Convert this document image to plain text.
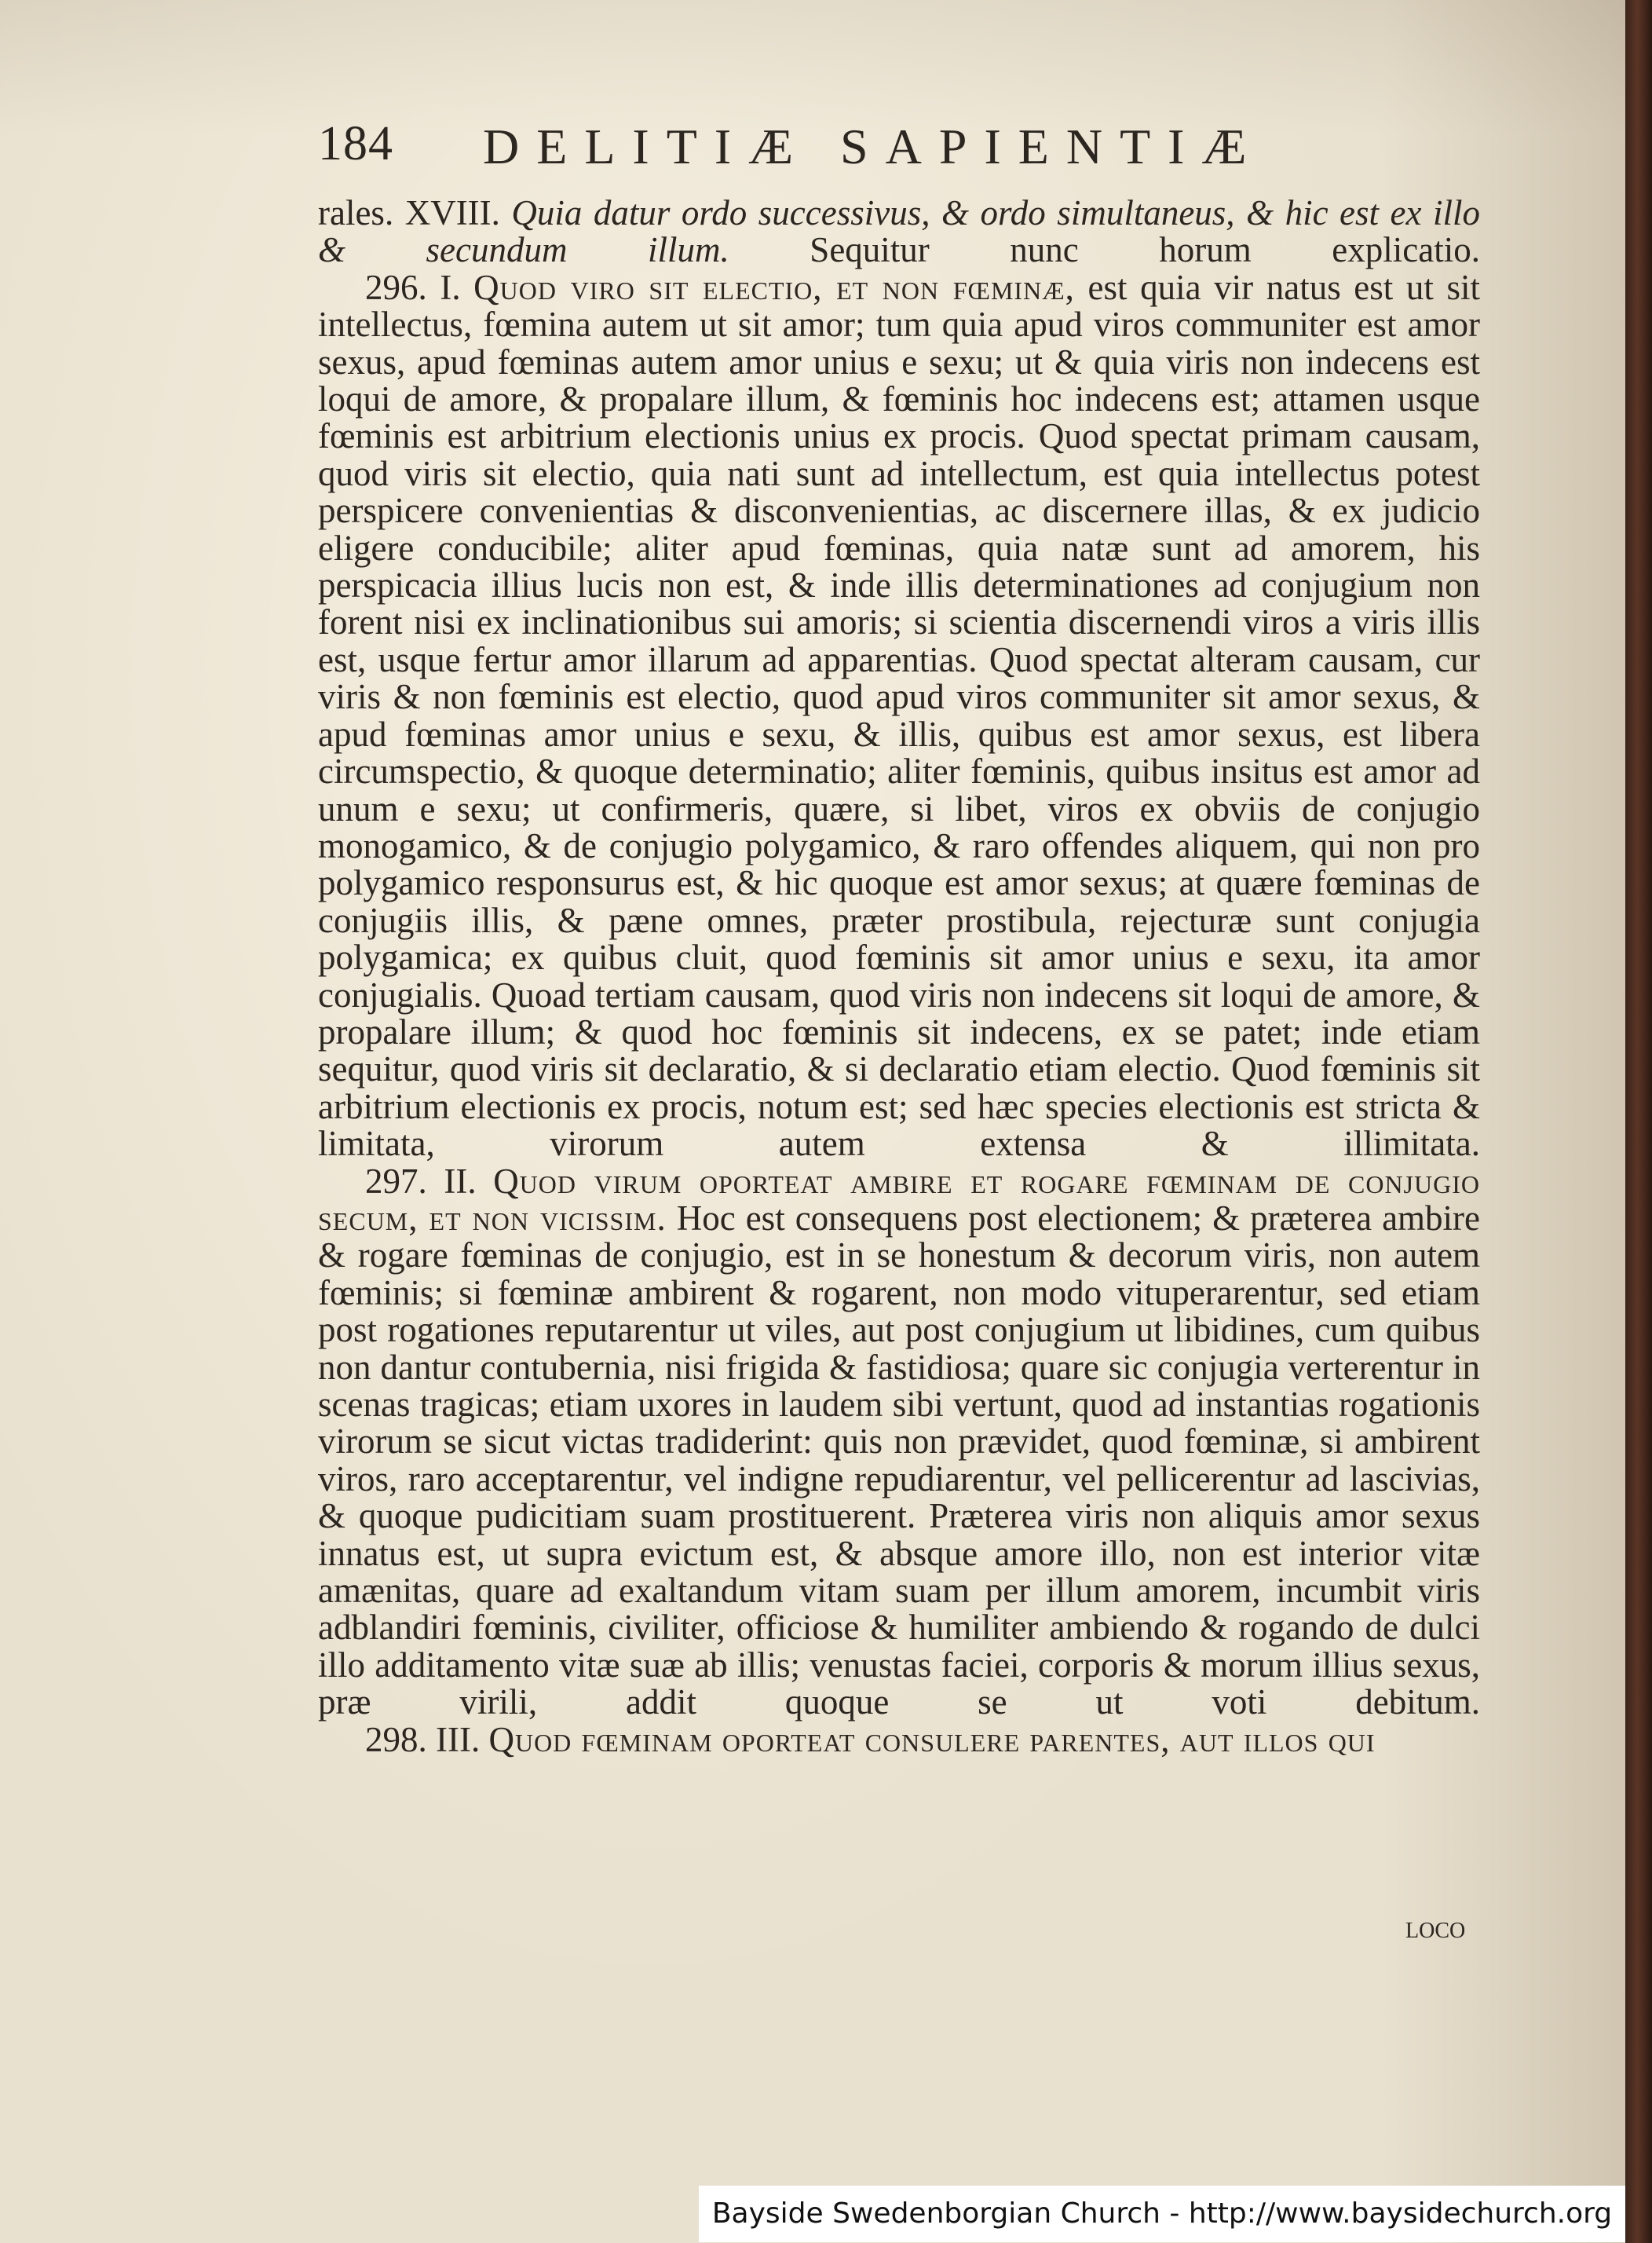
184 DELITIÆ SAPIENTIÆ

rales. XVIII. Quia datur ordo successivus, & ordo simultaneus, & hic est ex illo & secundum illum. Sequitur nunc horum explicatio.

296. I. Quod viro sit electio, et non fœminæ, est quia vir natus est ut sit intellectus, fœmina autem ut sit amor; tum quia apud viros communiter est amor sexus, apud fœminas autem amor unius e sexu; ut & quia viris non indecens est loqui de amore, & propalare illum, & fœminis hoc indecens est; attamen usque fœminis est arbitrium electionis unius ex procis. Quod spectat primam causam, quod viris sit electio, quia nati sunt ad intellectum, est quia intellectus potest perspicere convenientias & disconvenientias, ac discernere illas, & ex judicio eligere conducibile; aliter apud fœminas, quia natæ sunt ad amorem, his perspicacia illius lucis non est, & inde illis determinationes ad conjugium non forent nisi ex inclinationibus sui amoris; si scientia discernendi viros a viris illis est, usque fertur amor illarum ad apparentias. Quod spectat alteram causam, cur viris & non fœminis est electio, quod apud viros communiter sit amor sexus, & apud fœminas amor unius e sexu, & illis, quibus est amor sexus, est libera circumspectio, & quoque determinatio; aliter fœminis, quibus insitus est amor ad unum e sexu; ut confirmeris, quære, si libet, viros ex obviis de conjugio monogamico, & de conjugio polygamico, & raro offendes aliquem, qui non pro polygamico responsurus est, & hic quoque est amor sexus; at quære fœminas de conjugiis illis, & pæne omnes, præter prostibula, rejecturæ sunt conjugia polygamica; ex quibus cluit, quod fœminis sit amor unius e sexu, ita amor conjugialis. Quoad tertiam causam, quod viris non indecens sit loqui de amore, & propalare illum; & quod hoc fœminis sit indecens, ex se patet; inde etiam sequitur, quod viris sit declaratio, & si declaratio etiam electio. Quod fœminis sit arbitrium electionis ex procis, notum est; sed hæc species electionis est stricta & limitata, virorum autem extensa & illimitata.

297. II. Quod virum oporteat ambire et rogare fœminam de conjugio secum, et non vicissim. Hoc est consequens post electionem; & præterea ambire & rogare fœminas de conjugio, est in se honestum & decorum viris, non autem fœminis; si fœminæ ambirent & rogarent, non modo vituperarentur, sed etiam post rogationes reputarentur ut viles, aut post conjugium ut libidines, cum quibus non dantur contubernia, nisi frigida & fastidiosa; quare sic conjugia verterentur in scenas tragicas; etiam uxores in laudem sibi vertunt, quod ad instantias rogationis virorum se sicut victas tradiderint: quis non prævidet, quod fœminæ, si ambirent viros, raro acceptarentur, vel indigne repudiarentur, vel pellicerentur ad lascivias, & quoque pudicitiam suam prostituerent. Præterea viris non aliquis amor sexus innatus est, ut supra evictum est, & absque amore illo, non est interior vitæ amænitas, quare ad exaltandum vitam suam per illum amorem, incumbit viris adblandiri fœminis, civiliter, officiose & humiliter ambiendo & rogando de dulci illo additamento vitæ suæ ab illis; venustas faciei, corporis & morum illius sexus, præ virili, addit quoque se ut voti debitum.

298. III. Quod fœminam oporteat consulere parentes, aut illos qui

loco
Bayside Swedenborgian Church - http://www.baysidechurch.org
